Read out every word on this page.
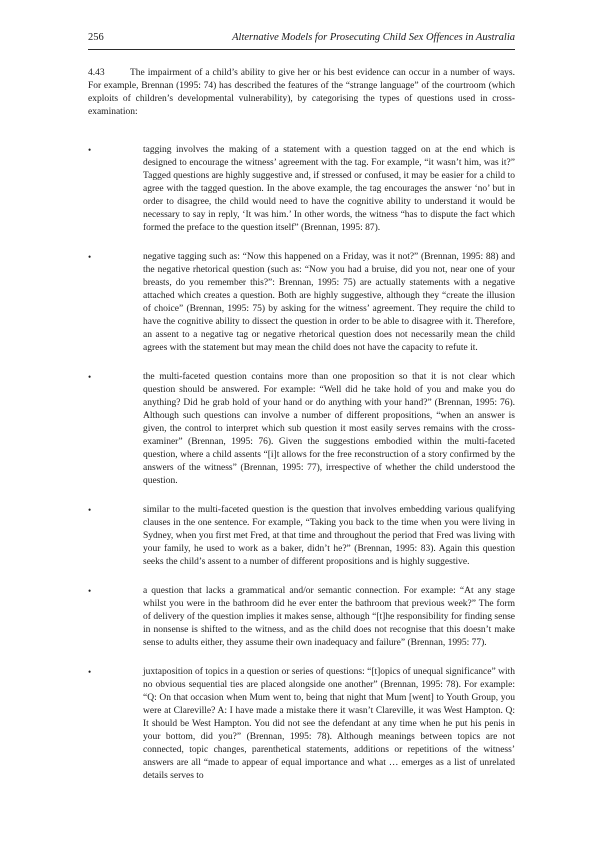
256	Alternative Models for Prosecuting Child Sex Offences in Australia
4.43	The impairment of a child’s ability to give her or his best evidence can occur in a number of ways. For example, Brennan (1995: 74) has described the features of the “strange language” of the courtroom (which exploits of children’s developmental vulnerability), by categorising the types of questions used in cross-examination:
•	tagging involves the making of a statement with a question tagged on at the end which is designed to encourage the witness’ agreement with the tag. For example, “it wasn’t him, was it?” Tagged questions are highly suggestive and, if stressed or confused, it may be easier for a child to agree with the tagged question. In the above example, the tag encourages the answer ‘no’ but in order to disagree, the child would need to have the cognitive ability to understand it would be necessary to say in reply, ‘It was him.’ In other words, the witness “has to dispute the fact which formed the preface to the question itself” (Brennan, 1995: 87).
•	negative tagging such as: “Now this happened on a Friday, was it not?” (Brennan, 1995: 88) and the negative rhetorical question (such as: “Now you had a bruise, did you not, near one of your breasts, do you remember this?”: Brennan, 1995: 75) are actually statements with a negative attached which creates a question. Both are highly suggestive, although they “create the illusion of choice” (Brennan, 1995: 75) by asking for the witness’ agreement. They require the child to have the cognitive ability to dissect the question in order to be able to disagree with it. Therefore, an assent to a negative tag or negative rhetorical question does not necessarily mean the child agrees with the statement but may mean the child does not have the capacity to refute it.
•	the multi-faceted question contains more than one proposition so that it is not clear which question should be answered. For example: “Well did he take hold of you and make you do anything? Did he grab hold of your hand or do anything with your hand?” (Brennan, 1995: 76). Although such questions can involve a number of different propositions, “when an answer is given, the control to interpret which sub question it most easily serves remains with the cross-examiner” (Brennan, 1995: 76). Given the suggestions embodied within the multi-faceted question, where a child assents “[i]t allows for the free reconstruction of a story confirmed by the answers of the witness” (Brennan, 1995: 77), irrespective of whether the child understood the question.
•	similar to the multi-faceted question is the question that involves embedding various qualifying clauses in the one sentence. For example, “Taking you back to the time when you were living in Sydney, when you first met Fred, at that time and throughout the period that Fred was living with your family, he used to work as a baker, didn’t he?” (Brennan, 1995: 83). Again this question seeks the child’s assent to a number of different propositions and is highly suggestive.
•	a question that lacks a grammatical and/or semantic connection. For example: “At any stage whilst you were in the bathroom did he ever enter the bathroom that previous week?” The form of delivery of the question implies it makes sense, although “[t]he responsibility for finding sense in nonsense is shifted to the witness, and as the child does not recognise that this doesn’t make sense to adults either, they assume their own inadequacy and failure” (Brennan, 1995: 77).
•	juxtaposition of topics in a question or series of questions: “[t]opics of unequal significance” with no obvious sequential ties are placed alongside one another” (Brennan, 1995: 78). For example: “Q: On that occasion when Mum went to, being that night that Mum [went] to Youth Group, you were at Clareville? A: I have made a mistake there it wasn’t Clareville, it was West Hampton. Q: It should be West Hampton. You did not see the defendant at any time when he put his penis in your bottom, did you?” (Brennan, 1995: 78). Although meanings between topics are not connected, topic changes, parenthetical statements, additions or repetitions of the witness’ answers are all “made to appear of equal importance and what … emerges as a list of unrelated details serves to
